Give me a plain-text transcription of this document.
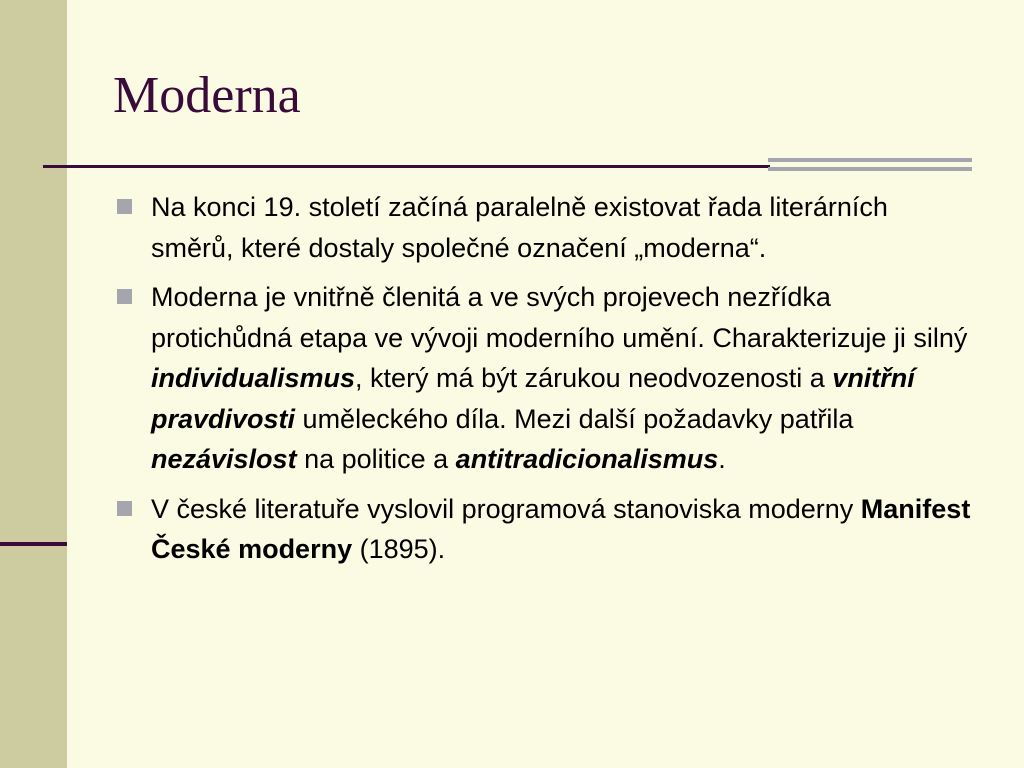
Moderna
Na konci 19. století začíná paralelně existovat řada literárních směrů, které dostaly společné označení „moderna“.
Moderna je vnitřně členitá a ve svých projevech nezřídka protichůdná etapa ve vývoji moderního umění. Charakterizuje ji silný individualismus, který má být zárukou neodvozenosti a vnitřní pravdivosti uměleckého díla. Mezi další požadavky patřila nezávislost na politice a antitradicionalismus.
V české literatuře vyslovil programová stanoviska moderny Manifest České moderny (1895).
